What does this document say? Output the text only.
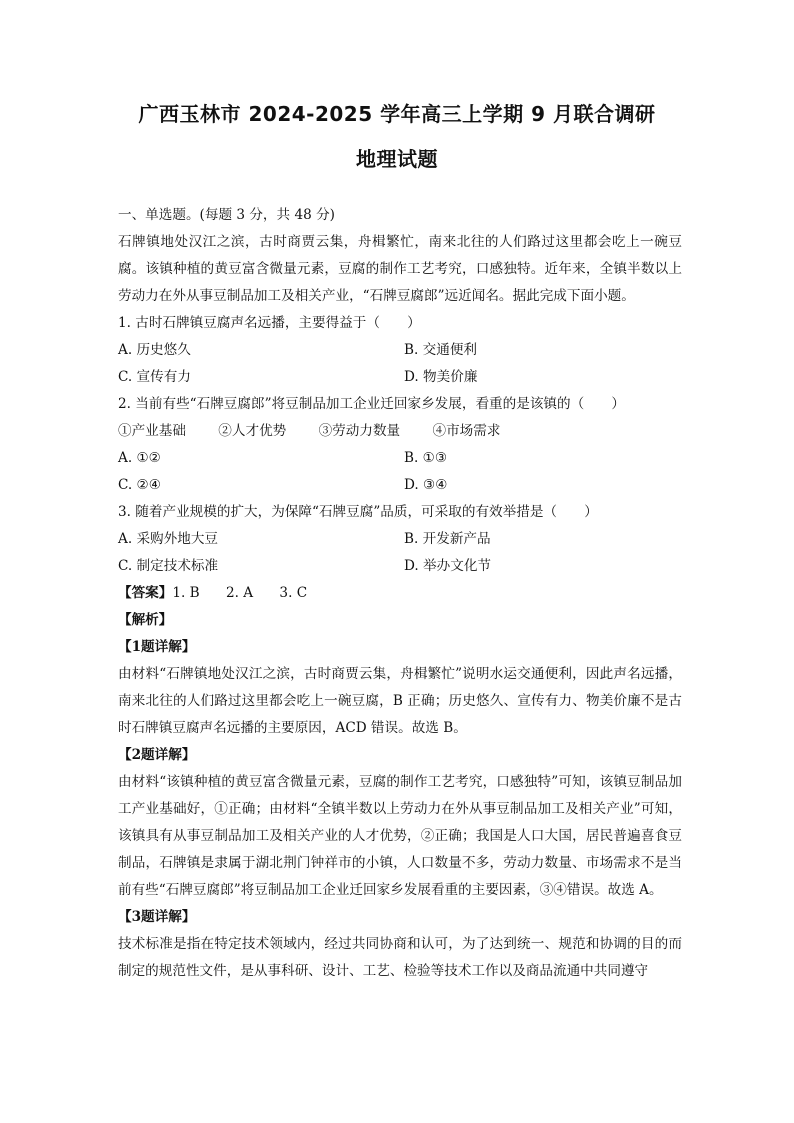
广西玉林市 2024-2025 学年高三上学期 9 月联合调研
地理试题

一、单选题。(每题 3 分，共 48 分)

石牌镇地处汉江之滨，古时商贾云集，舟楫繁忙，南来北往的人们路过这里都会吃上一碗豆腐。该镇种植的黄豆富含微量元素，豆腐的制作工艺考究，口感独特。近年来，全镇半数以上劳动力在外从事豆制品加工及相关产业，“石牌豆腐郎”远近闻名。据此完成下面小题。

1. 古时石牌镇豆腐声名远播，主要得益于（　　）

A. 历史悠久	B. 交通便利
C. 宣传有力	D. 物美价廉

2. 当前有些“石牌豆腐郎”将豆制品加工企业迁回家乡发展，看重的是该镇的（　　）

①产业基础 ②人才优势 ③劳动力数量 ④市场需求

A. ①②	B. ①③
C. ②④	D. ③④

3. 随着产业规模的扩大，为保障“石牌豆腐”品质，可采取的有效举措是（　　）

A. 采购外地大豆	B. 开发新产品
C. 制定技术标准	D. 举办文化节

【答案】1. B 2. A 3. C

【解析】

【1题详解】

由材料“石牌镇地处汉江之滨，古时商贾云集，舟楫繁忙”说明水运交通便利，因此声名远播，南来北往的人们路过这里都会吃上一碗豆腐，B 正确；历史悠久、宣传有力、物美价廉不是古时石牌镇豆腐声名远播的主要原因，ACD 错误。故选 B。

【2题详解】

由材料“该镇种植的黄豆富含微量元素，豆腐的制作工艺考究，口感独特”可知，该镇豆制品加工产业基础好，①正确；由材料“全镇半数以上劳动力在外从事豆制品加工及相关产业”可知，该镇具有从事豆制品加工及相关产业的人才优势，②正确；我国是人口大国，居民普遍喜食豆制品，石牌镇是隶属于湖北荆门钟祥市的小镇，人口数量不多，劳动力数量、市场需求不是当前有些“石牌豆腐郎”将豆制品加工企业迁回家乡发展看重的主要因素，③④错误。故选 A。

【3题详解】

技术标准是指在特定技术领域内，经过共同协商和认可，为了达到统一、规范和协调的目的而制定的规范性文件，是从事科研、设计、工艺、检验等技术工作以及商品流通中共同遵守
